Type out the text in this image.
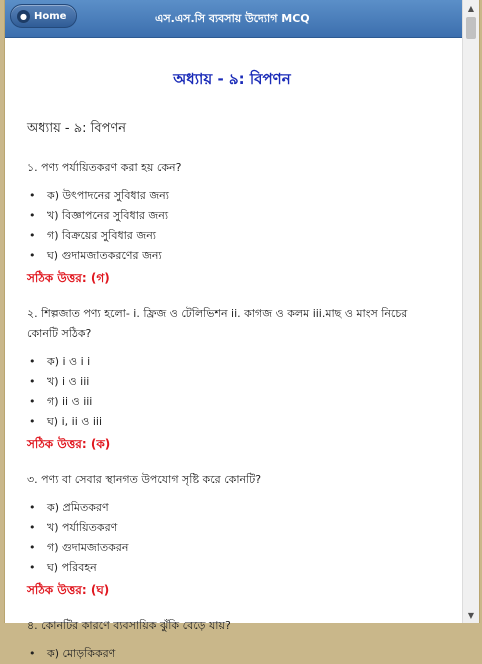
● Home	এস.এস.সি ব্যবসায় উদ্যোগ MCQ
অধ্যায় - ৯: বিপণন
অধ্যায় - ৯: বিপণন
১. পণ্য পর্যায়িতকরণ করা হয় কেন?
• ক) উৎপাদনের সুবিধার জন্য
• খ) বিজ্ঞাপনের সুবিধার জন্য
• গ) বিক্রয়ের সুবিধার জন্য
• ঘ) গুদামজাতকরণের জন্য
সঠিক উত্তর: (গ)
২. শিল্পজাত পণ্য হলো- i. ফ্রিজ ও টেলিভিশন ii. কাগজ ও কলম iii.মাছ ও মাংস নিচের কোনটি সঠিক?
• ক) i ও i i
• খ) i ও iii
• গ) ii ও iii
• ঘ) i, ii ও iii
সঠিক উত্তর: (ক)
৩. পণ্য বা সেবার স্থানগত উপযোগ সৃষ্টি করে কোনটি?
• ক) প্রমিতকরণ
• খ) পর্যায়িতকরণ
• গ) গুদামজাতকরন
• ঘ) পরিবহন
সঠিক উত্তর: (ঘ)
৪. কোনটির কারণে ব্যবসায়িক ঝুঁকি বেড়ে যায়?
• ক) মোড়কিকরণ
▲
▼
